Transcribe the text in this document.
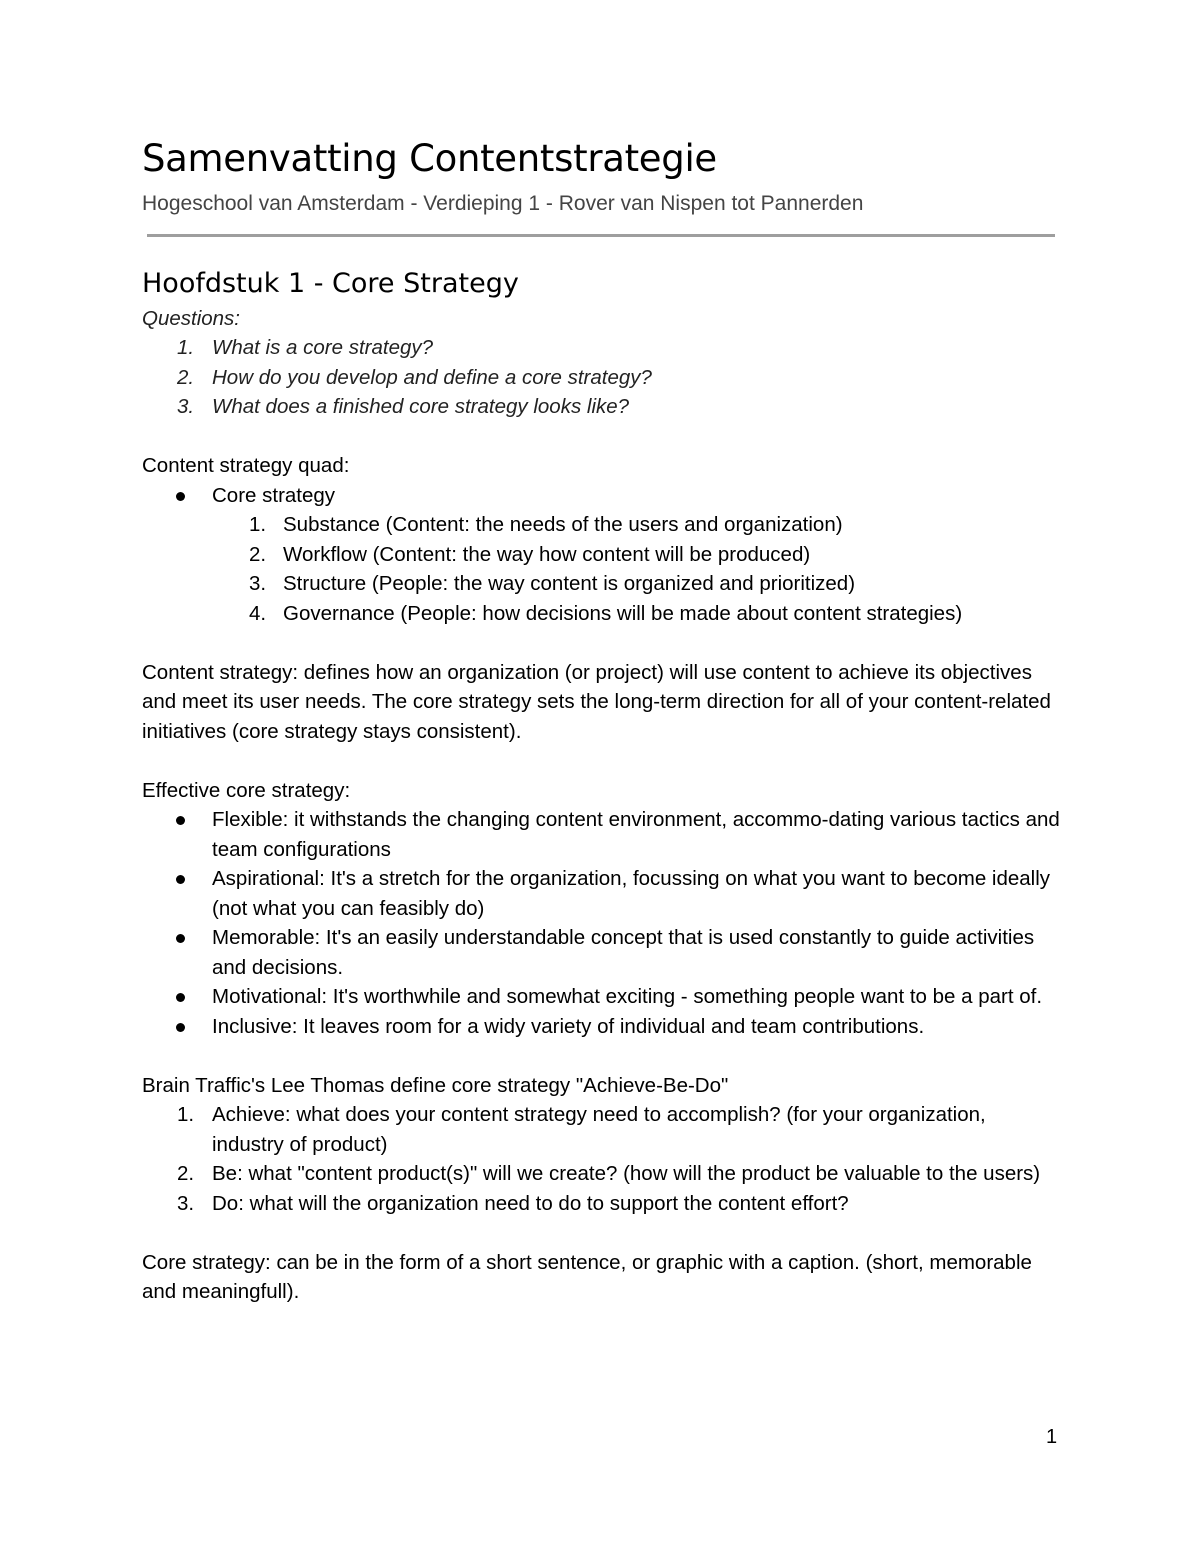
Samenvatting Contentstrategie
Hogeschool van Amsterdam - Verdieping 1 - Rover van Nispen tot Pannerden
Hoofdstuk 1 - Core Strategy

Questions:

1. What is a core strategy?
2. How do you develop and define a core strategy?
3. What does a finished core strategy looks like?

Content strategy quad:

Core strategy
1. Substance (Content: the needs of the users and organization)
2. Workflow (Content: the way how content will be produced)
3. Structure (People: the way content is organized and prioritized)
4. Governance (People: how decisions will be made about content strategies)

Content strategy: defines how an organization (or project) will use content to achieve its objectives and meet its user needs. The core strategy sets the long-term direction for all of your content-related initiatives (core strategy stays consistent).

Effective core strategy:

Flexible: it withstands the changing content environment, accommo-dating various tactics and team configurations
Aspirational: It's a stretch for the organization, focussing on what you want to become ideally (not what you can feasibly do)
Memorable: It's an easily understandable concept that is used constantly to guide activities and decisions.
Motivational: It's worthwhile and somewhat exciting - something people want to be a part of.
Inclusive: It leaves room for a widy variety of individual and team contributions.

Brain Traffic's Lee Thomas define core strategy "Achieve-Be-Do"

1. Achieve: what does your content strategy need to accomplish? (for your organization, industry of product)
2. Be: what "content product(s)" will we create? (how will the product be valuable to the users)
3. Do: what will the organization need to do to support the content effort?

Core strategy: can be in the form of a short sentence, or graphic with a caption. (short, memorable and meaningfull).

1
